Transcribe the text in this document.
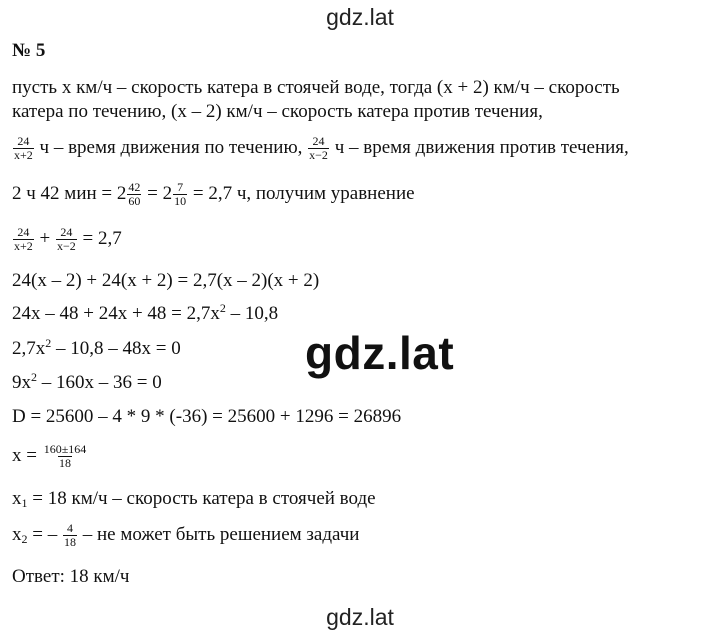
gdz.lat
№ 5
пусть x км/ч – скорость катера в стоячей воде, тогда (x + 2) км/ч – скорость
катера по течению, (x – 2) км/ч – скорость катера против течения,
$\frac{24}{x+2}$ ч – время движения по течению, $\frac{24}{x-2}$ ч – время движения против течения,
2 ч 42 мин = $2 \frac{42}{60} = 2 \frac{7}{10} = 2,7$ ч, получим уравнение
$\frac{24}{x+2} + \frac{24}{x-2} = 2,7$
24(x – 2) + 24(x + 2) = 2,7(x – 2)(x + 2)
$24x - 48 + 24x + 48 = 2,7x^2 - 10,8$
$2,7x^2 - 10,8 - 48x = 0$
$9x^2 - 160x - 36 = 0$
D = 25600 – 4 * 9 * (-36) = 25600 + 1296 = 26896
$x = \frac{160\pm 164}{18}$
$x_1 = 18$ км/ч – скорость катера в стоячей воде
$x_2$ = – $\frac{4}{18}$ – не может быть решением задачи
Ответ: 18 км/ч
gdz.lat
gdz.lat
